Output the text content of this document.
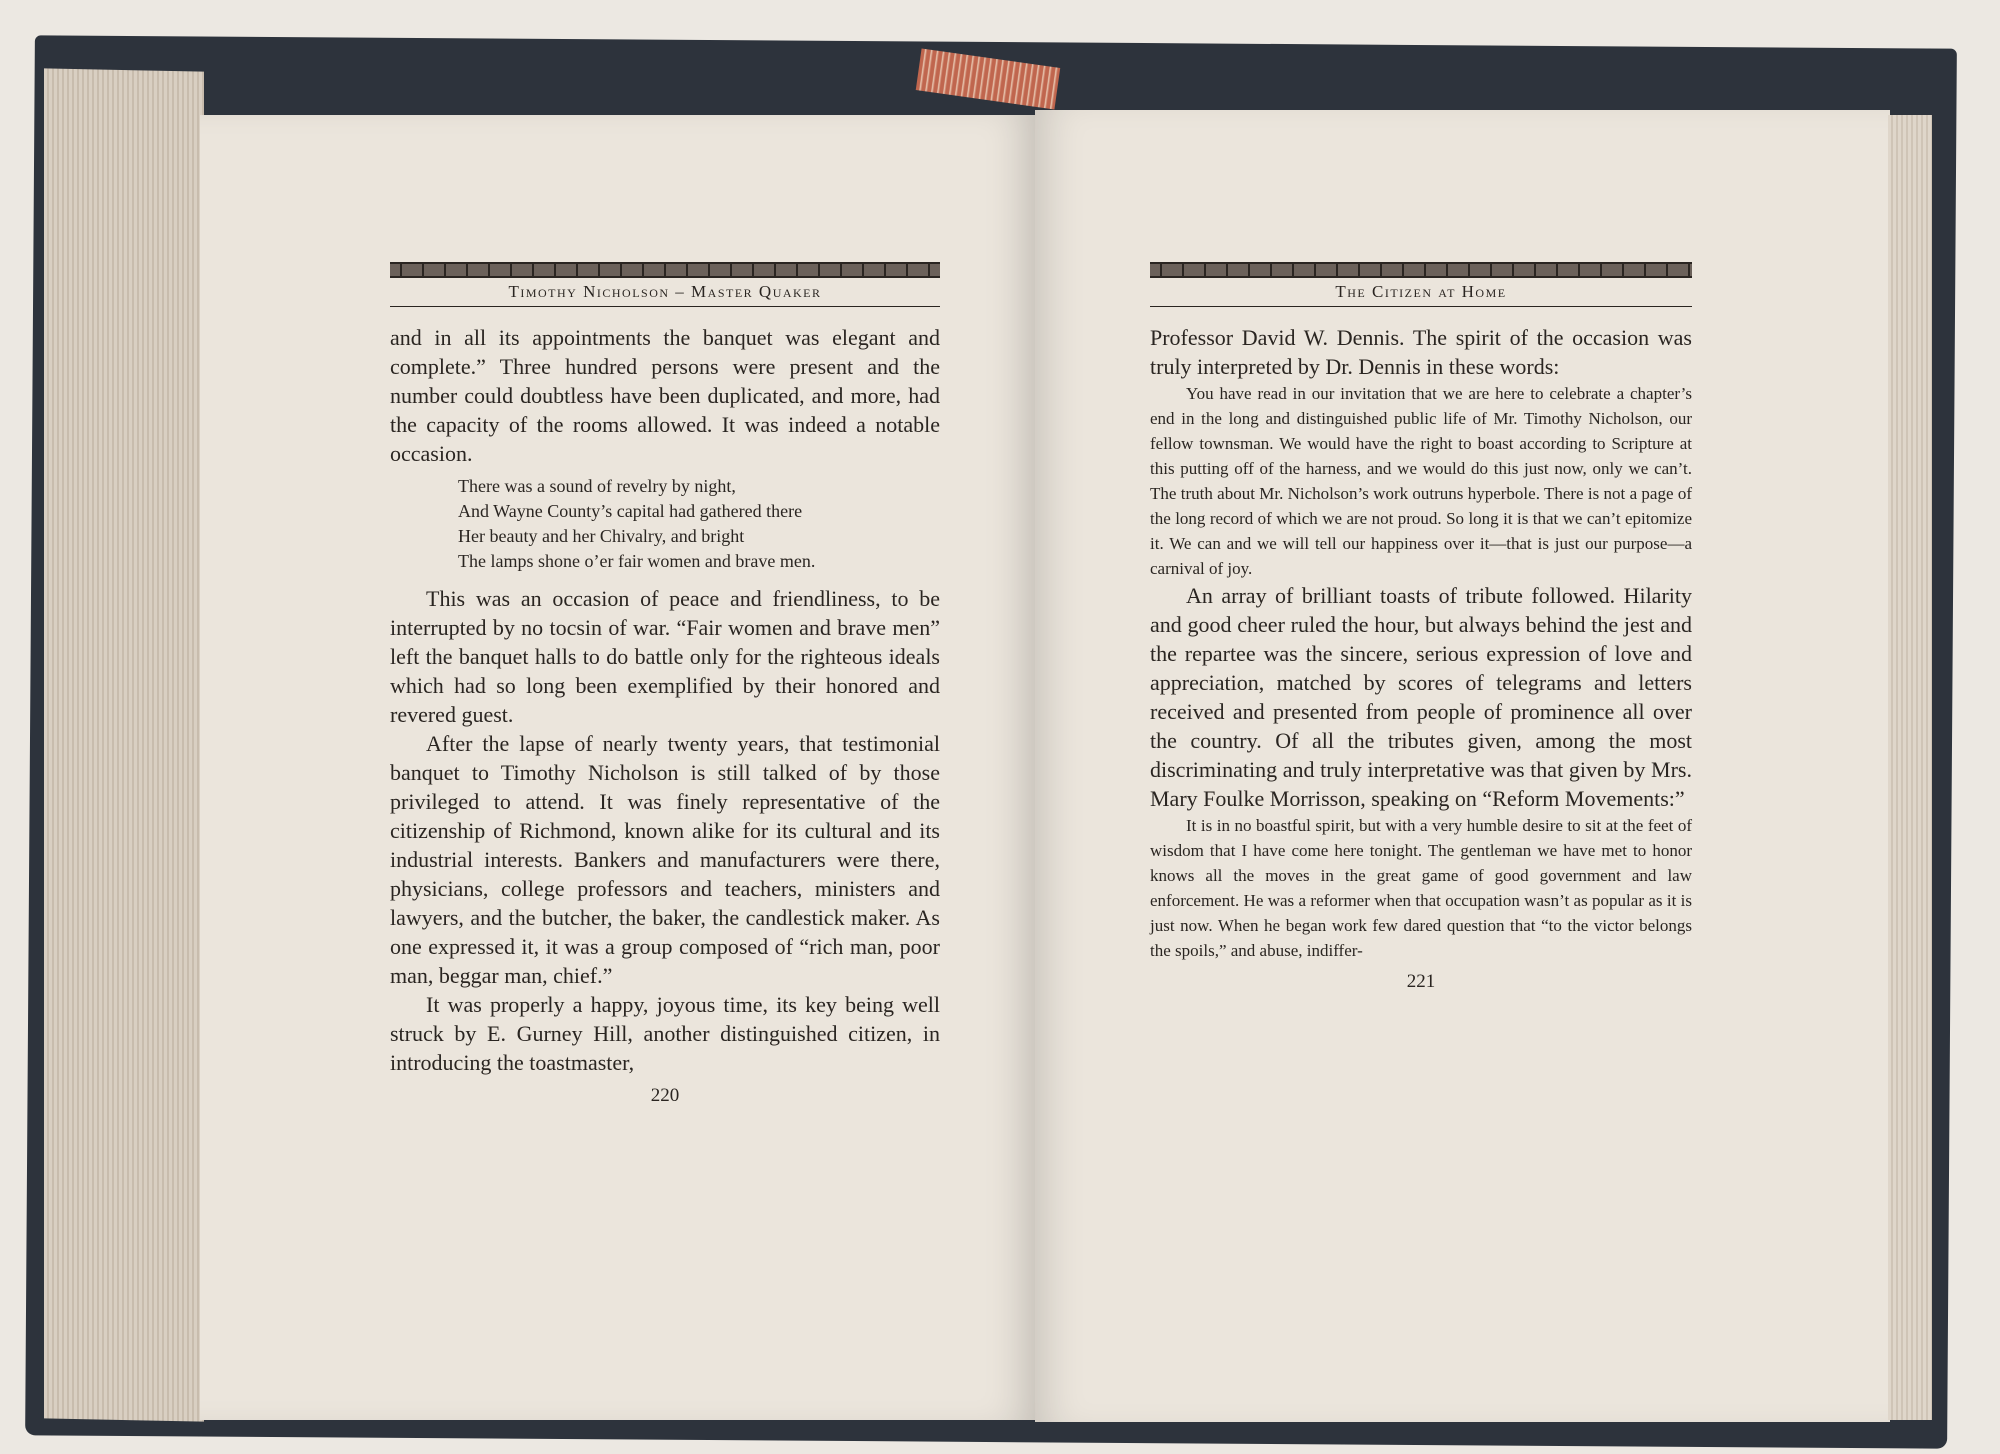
Timothy Nicholson – Master Quaker

and in all its appointments the banquet was elegant and complete.” Three hundred persons were present and the number could doubtless have been duplicated, and more, had the capacity of the rooms allowed. It was indeed a notable occasion.

There was a sound of revelry by night,
And Wayne County’s capital had gathered there
Her beauty and her Chivalry, and bright
The lamps shone o’er fair women and brave men.

This was an occasion of peace and friendliness, to be interrupted by no tocsin of war. “Fair women and brave men” left the banquet halls to do battle only for the righteous ideals which had so long been exemplified by their honored and revered guest.

After the lapse of nearly twenty years, that testimonial banquet to Timothy Nicholson is still talked of by those privileged to attend. It was finely representative of the citizenship of Richmond, known alike for its cultural and its industrial interests. Bankers and manufacturers were there, physicians, college professors and teachers, ministers and lawyers, and the butcher, the baker, the candlestick maker. As one expressed it, it was a group composed of “rich man, poor man, beggar man, chief.”

It was properly a happy, joyous time, its key being well struck by E. Gurney Hill, another distinguished citizen, in introducing the toastmaster,

220
The Citizen at Home

Professor David W. Dennis. The spirit of the occasion was truly interpreted by Dr. Dennis in these words:

You have read in our invitation that we are here to celebrate a chapter’s end in the long and distinguished public life of Mr. Timothy Nicholson, our fellow townsman. We would have the right to boast according to Scripture at this putting off of the harness, and we would do this just now, only we can’t. The truth about Mr. Nicholson’s work outruns hyperbole. There is not a page of the long record of which we are not proud. So long it is that we can’t epitomize it. We can and we will tell our happiness over it—that is just our purpose—a carnival of joy.

An array of brilliant toasts of tribute followed. Hilarity and good cheer ruled the hour, but always behind the jest and the repartee was the sincere, serious expression of love and appreciation, matched by scores of telegrams and letters received and presented from people of prominence all over the country. Of all the tributes given, among the most discriminating and truly interpretative was that given by Mrs. Mary Foulke Morrisson, speaking on “Reform Movements:”

It is in no boastful spirit, but with a very humble desire to sit at the feet of wisdom that I have come here tonight. The gentleman we have met to honor knows all the moves in the great game of good government and law enforcement. He was a reformer when that occupation wasn’t as popular as it is just now. When he began work few dared question that “to the victor belongs the spoils,” and abuse, indiffer-

221
